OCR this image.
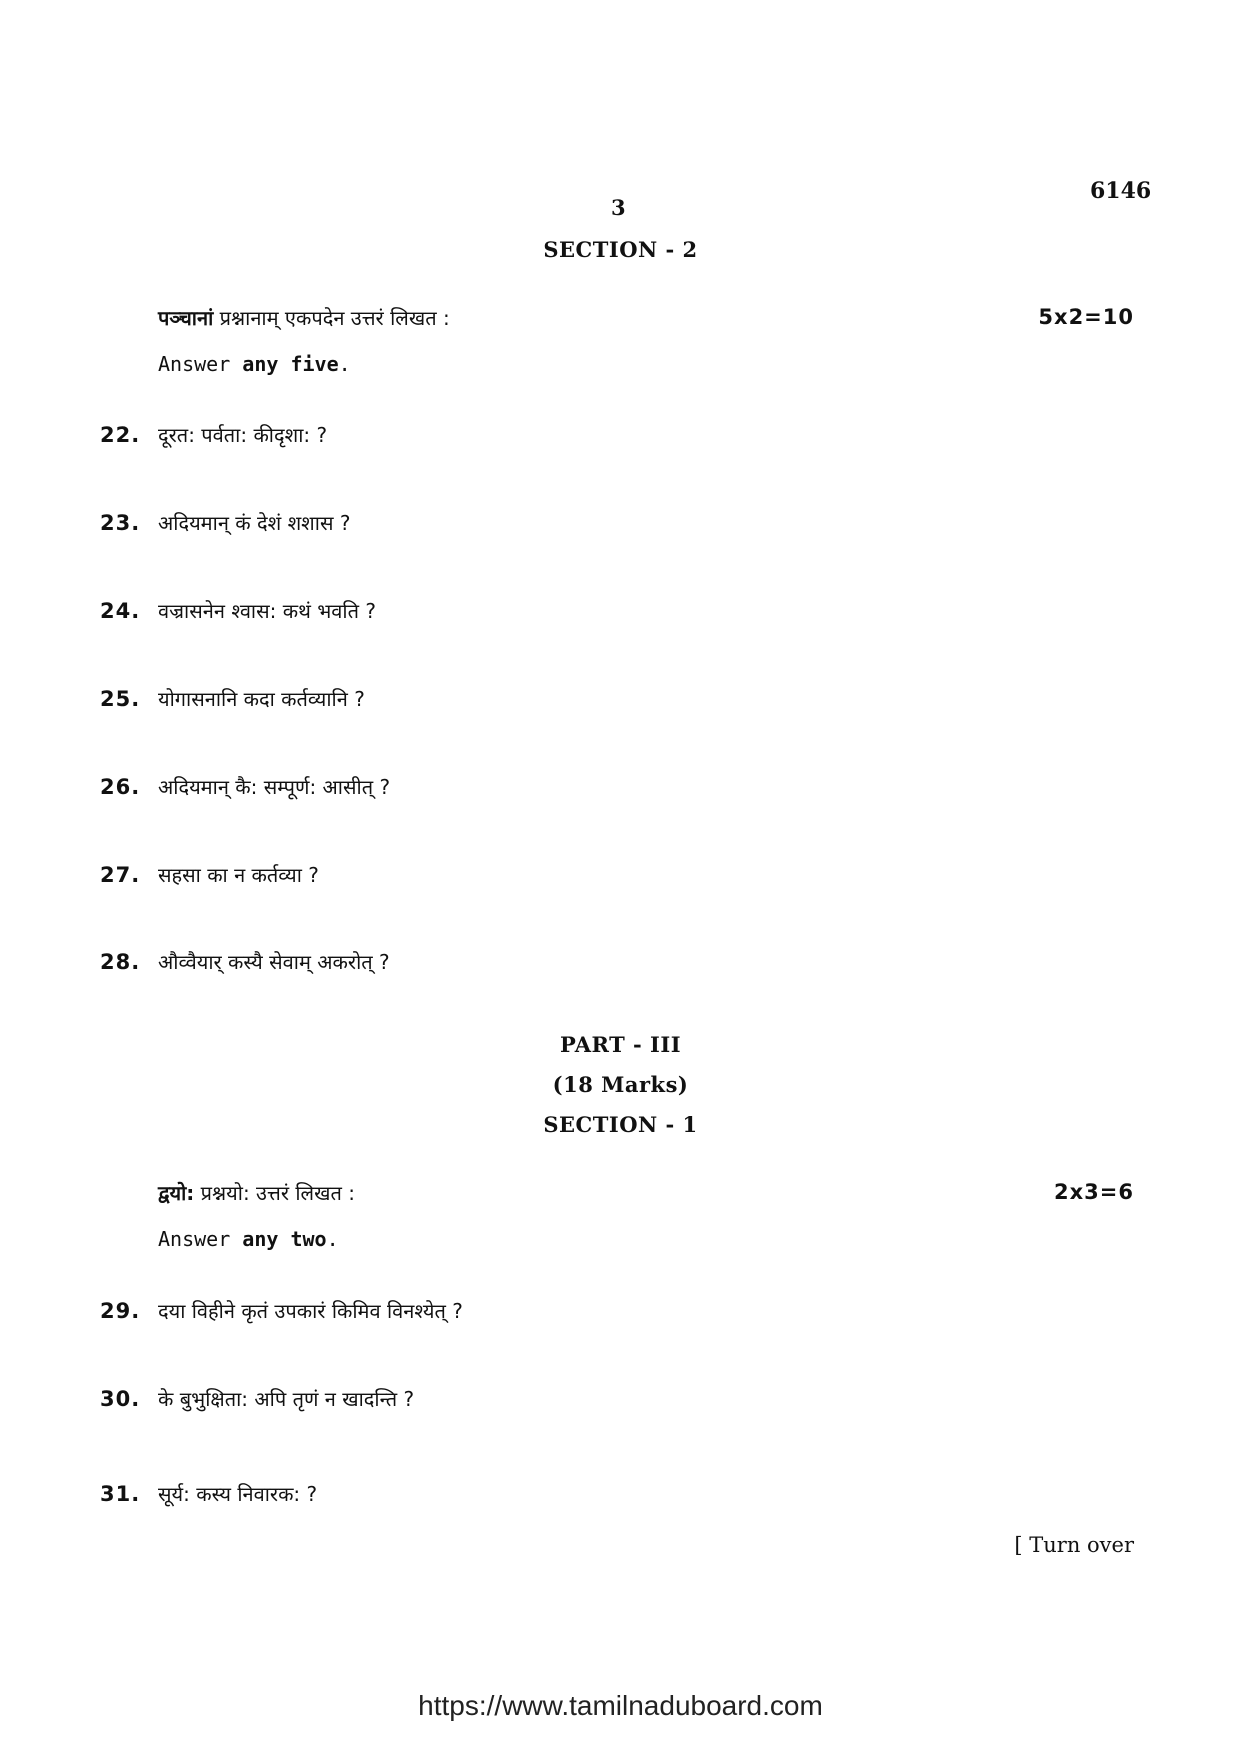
6146
3
SECTION - 2
पञ्चानां प्रश्नानाम् एकपदेन उत्तरं लिखत :	5x2=10
Answer any five.
22. दूरत: पर्वता: कीदृशा: ?
23. अदियमान् कं देशं शशास ?
24. वज्रासनेन श्वास: कथं भवति ?
25. योगासनानि कदा कर्तव्यानि ?
26. अदियमान् कै: सम्पूर्ण: आसीत् ?
27. सहसा का न कर्तव्या ?
28. औव्वैयार् कस्यै सेवाम् अकरोत् ?
PART - III
(18 Marks)
SECTION - 1
द्वयो: प्रश्नयो: उत्तरं लिखत :	2x3=6
Answer any two.
29. दया विहीने कृतं उपकारं किमिव विनश्येत् ?
30. के बुभुक्षिता: अपि तृणं न खादन्ति ?
31. सूर्य: कस्य निवारक: ?
[ Turn over
https://www.tamilnaduboard.com
